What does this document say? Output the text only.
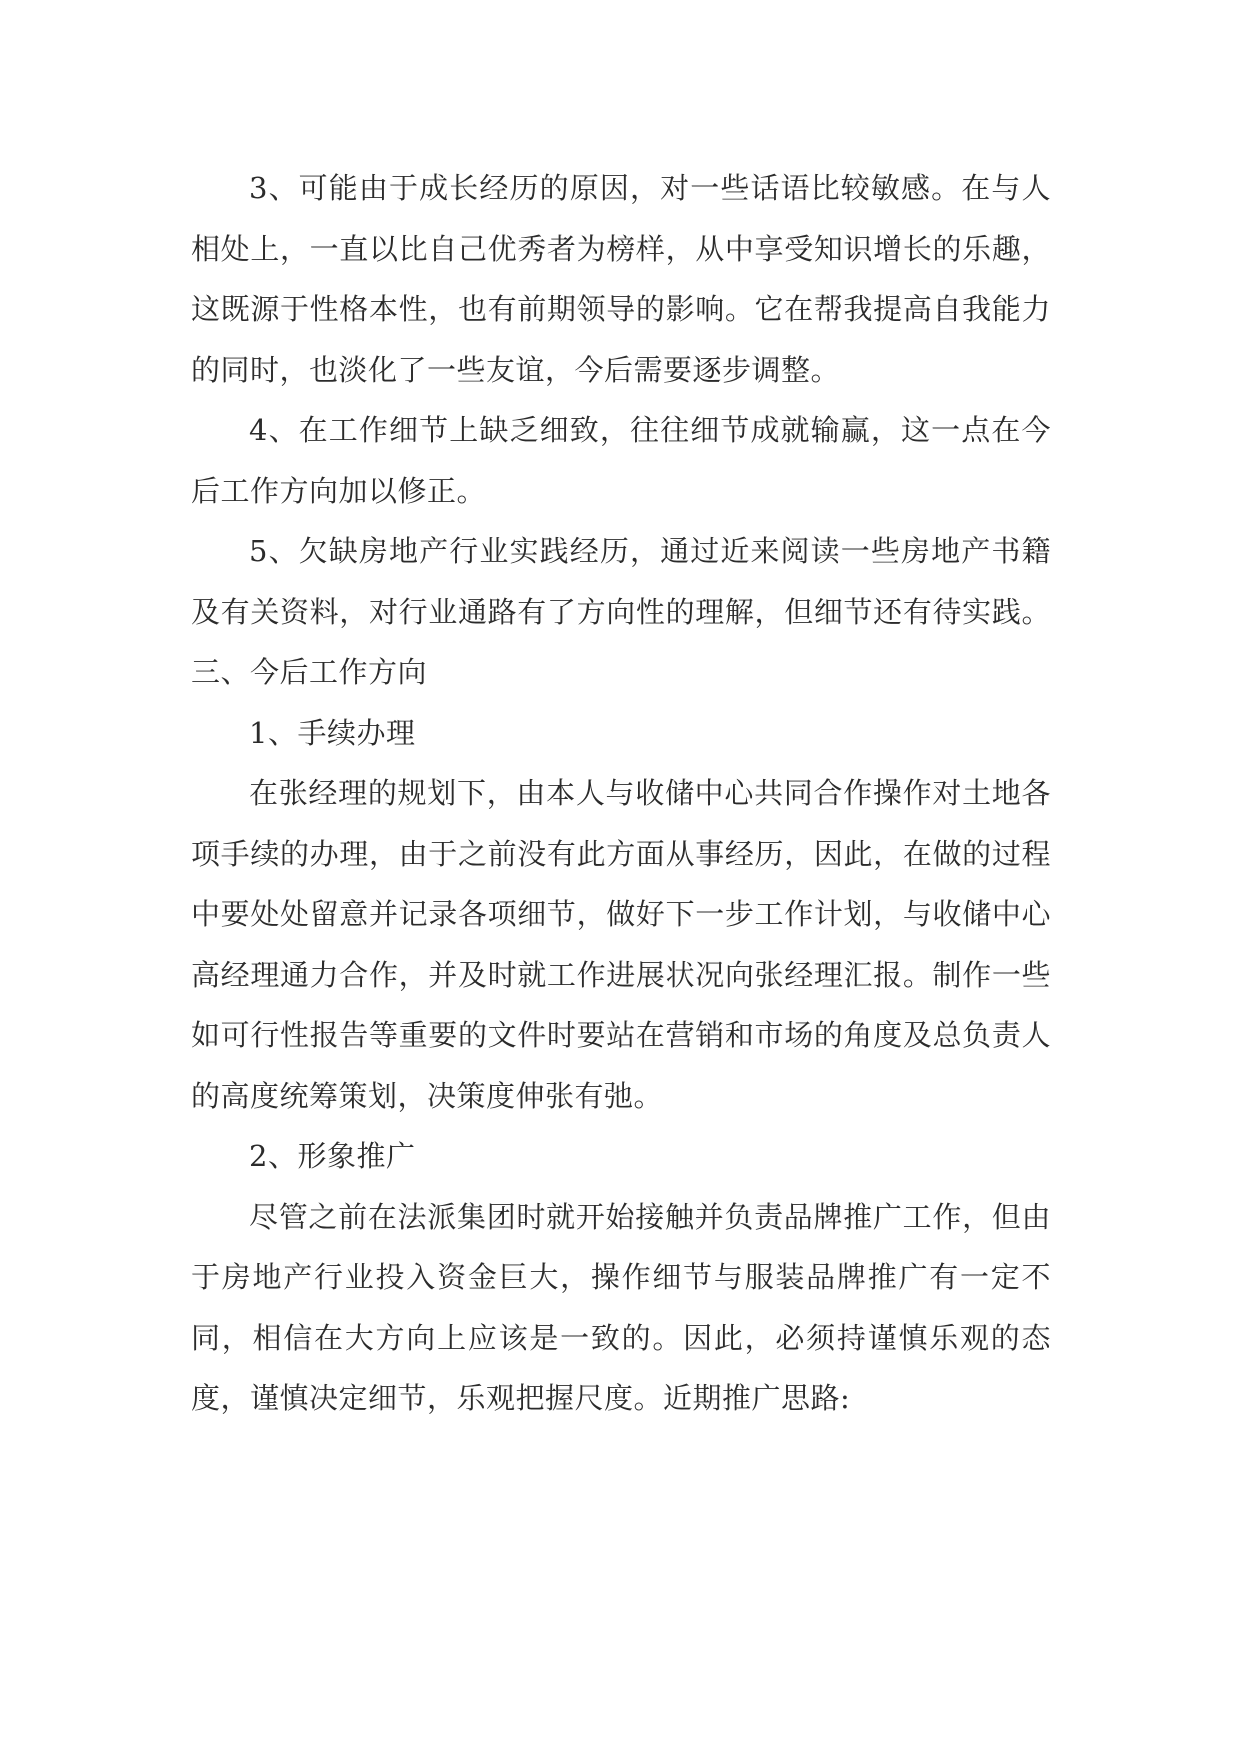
3、可能由于成长经历的原因，对一些话语比较敏感。在与人相处上，一直以比自己优秀者为榜样，从中享受知识增长的乐趣，这既源于性格本性，也有前期领导的影响。它在帮我提高自我能力的同时，也淡化了一些友谊，今后需要逐步调整。

4、在工作细节上缺乏细致，往往细节成就输赢，这一点在今后工作方向加以修正。

5、欠缺房地产行业实践经历，通过近来阅读一些房地产书籍及有关资料，对行业通路有了方向性的理解，但细节还有待实践。三、今后工作方向

1、手续办理

在张经理的规划下，由本人与收储中心共同合作操作对土地各项手续的办理，由于之前没有此方面从事经历，因此，在做的过程中要处处留意并记录各项细节，做好下一步工作计划，与收储中心高经理通力合作，并及时就工作进展状况向张经理汇报。制作一些如可行性报告等重要的文件时要站在营销和市场的角度及总负责人的高度统筹策划，决策度伸张有弛。

2、形象推广

尽管之前在法派集团时就开始接触并负责品牌推广工作，但由于房地产行业投入资金巨大，操作细节与服装品牌推广有一定不同，相信在大方向上应该是一致的。因此，必须持谨慎乐观的态度，谨慎决定细节，乐观把握尺度。近期推广思路:
